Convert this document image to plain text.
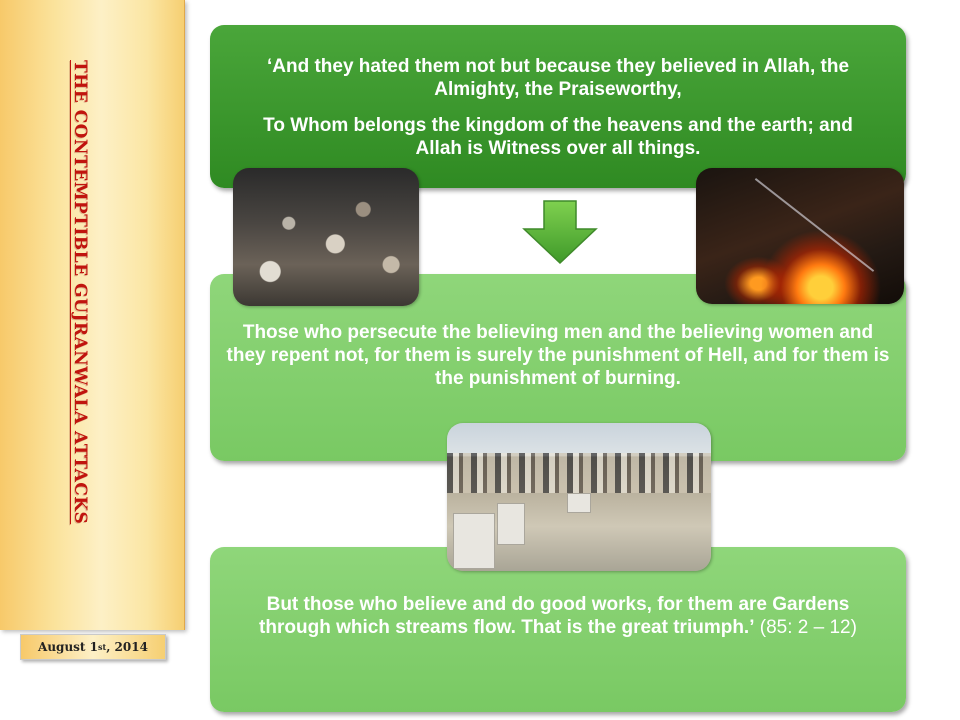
THE CONTEMPTIBLE GUJRANWALA ATTACKS
August 1 st , 2014

‘And they hated them not but because they believed in Allah, the Almighty, the Praiseworthy,

To Whom belongs the kingdom of the heavens and the earth; and Allah is Witness over all things.

Those who persecute the believing men and the believing women and they repent not, for them is surely the punishment of Hell, and for them is the punishment of burning.
But those who believe and do good works, for them are Gardens through which streams flow. That is the great triumph.’ (85: 2 – 12)
